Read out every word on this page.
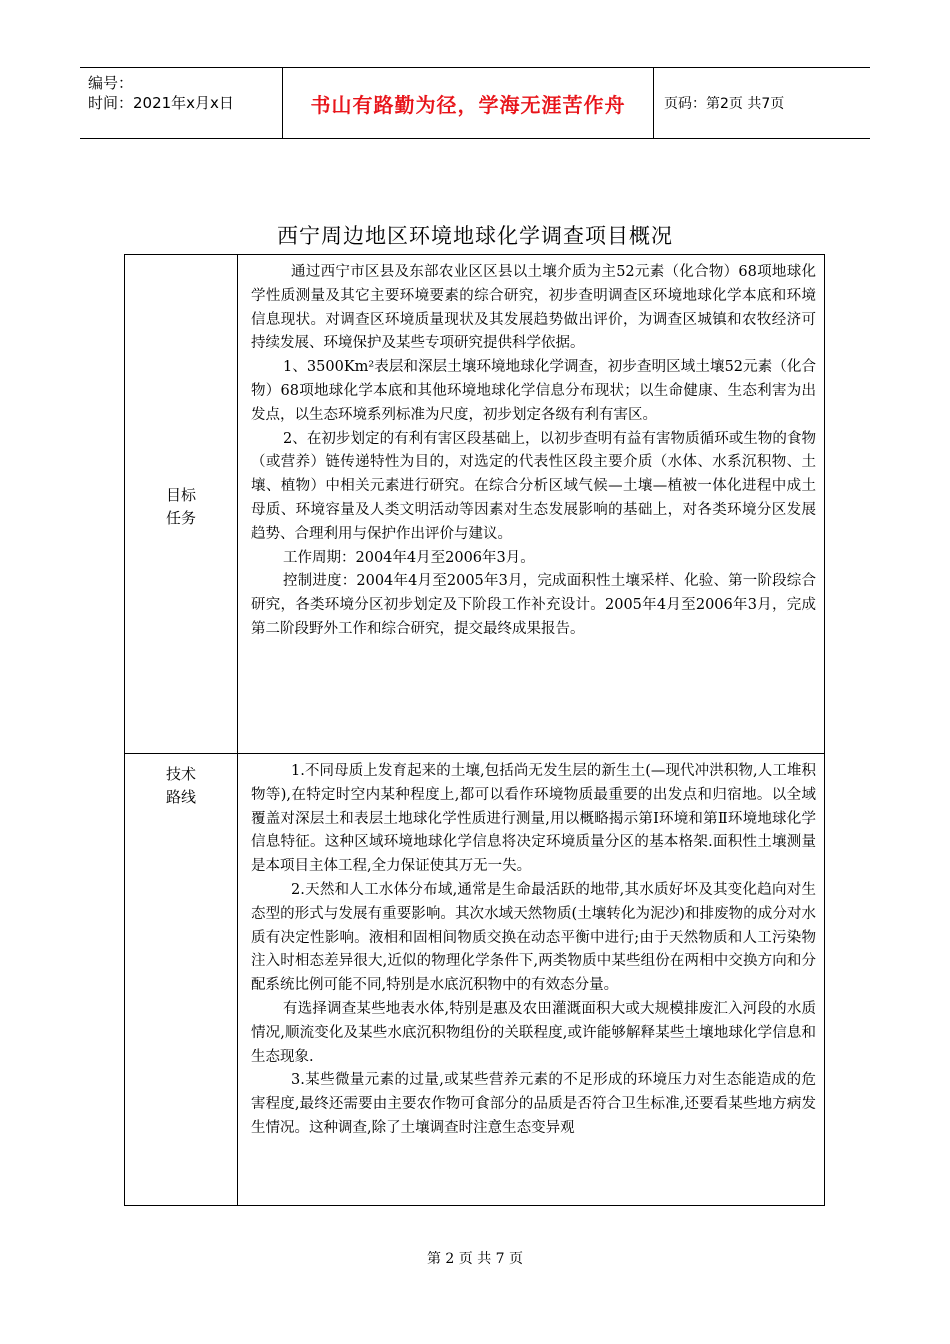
编号：
时间：2021年x月x日	书山有路勤为径，学海无涯苦作舟	页码：第2页 共7页
西宁周边地区环境地球化学调查项目概况
目标
任务

通过西宁市区县及东部农业区区县以土壤介质为主52元素（化合物）68项地球化学性质测量及其它主要环境要素的综合研究，初步查明调查区环境地球化学本底和环境信息现状。对调查区环境质量现状及其发展趋势做出评价，为调查区城镇和农牧经济可持续发展、环境保护及某些专项研究提供科学依据。

1、3500Km²表层和深层土壤环境地球化学调查，初步查明区域土壤52元素（化合物）68项地球化学本底和其他环境地球化学信息分布现状；以生命健康、生态利害为出发点，以生态环境系列标准为尺度，初步划定各级有利有害区。

2、在初步划定的有利有害区段基础上，以初步查明有益有害物质循环或生物的食物（或营养）链传递特性为目的，对选定的代表性区段主要介质（水体、水系沉积物、土壤、植物）中相关元素进行研究。在综合分析区域气候—土壤—植被一体化进程中成土母质、环境容量及人类文明活动等因素对生态发展影响的基础上，对各类环境分区发展趋势、合理利用与保护作出评价与建议。

工作周期：2004年4月至2006年3月。

控制进度：2004年4月至2005年3月，完成面积性土壤采样、化验、第一阶段综合研究，各类环境分区初步划定及下阶段工作补充设计。2005年4月至2006年3月，完成第二阶段野外工作和综合研究，提交最终成果报告。

技术
路线

1.不同母质上发育起来的土壤,包括尚无发生层的新生土(—现代冲洪积物,人工堆积物等),在特定时空内某种程度上,都可以看作环境物质最重要的出发点和归宿地。以全域覆盖对深层土和表层土地球化学性质进行测量,用以概略揭示第Ⅰ环境和第Ⅱ环境地球化学信息特征。这种区域环境地球化学信息将决定环境质量分区的基本格架.面积性土壤测量是本项目主体工程,全力保证使其万无一失。

2.天然和人工水体分布域,通常是生命最活跃的地带,其水质好坏及其变化趋向对生态型的形式与发展有重要影响。其次水域天然物质(土壤转化为泥沙)和排废物的成分对水质有决定性影响。液相和固相间物质交换在动态平衡中进行;由于天然物质和人工污染物注入时相态差异很大,近似的物理化学条件下,两类物质中某些组份在两相中交换方向和分配系统比例可能不同,特别是水底沉积物中的有效态分量。

有选择调查某些地表水体,特别是惠及农田灌溉面积大或大规模排废汇入河段的水质情况,顺流变化及某些水底沉积物组份的关联程度,或许能够解释某些土壤地球化学信息和生态现象.

3.某些微量元素的过量,或某些营养元素的不足形成的环境压力对生态能造成的危害程度,最终还需要由主要农作物可食部分的品质是否符合卫生标准,还要看某些地方病发生情况。这种调查,除了土壤调查时注意生态变异观

第 2 页 共 7 页
